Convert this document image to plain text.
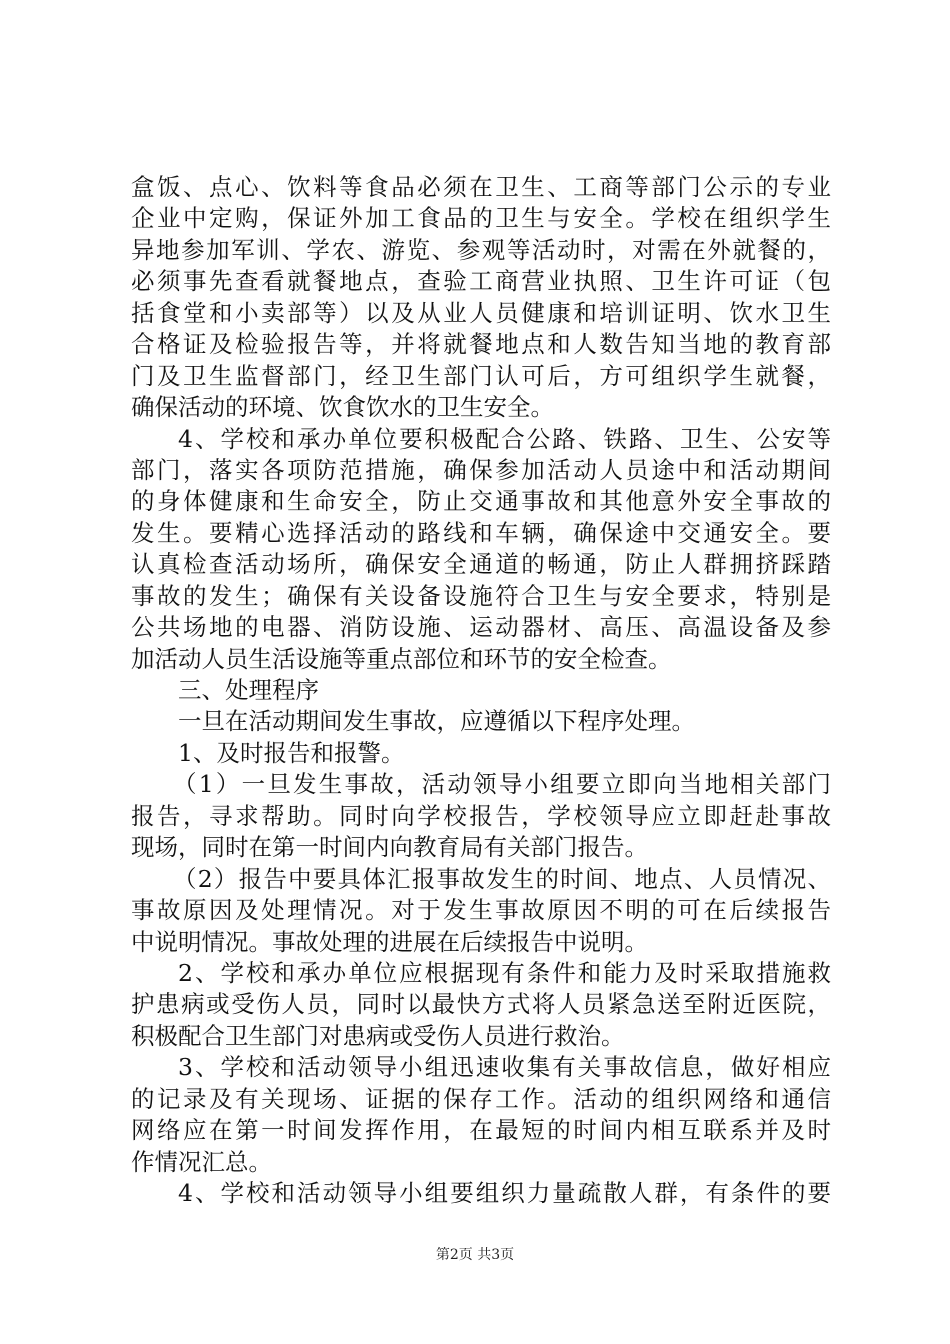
盒饭、点心、饮料等食品必须在卫生、工商等部门公示的专业
企业中定购，保证外加工食品的卫生与安全。学校在组织学生
异地参加军训、学农、游览、参观等活动时，对需在外就餐的，
必须事先查看就餐地点，查验工商营业执照、卫生许可证（包
括食堂和小卖部等）以及从业人员健康和培训证明、饮水卫生
合格证及检验报告等，并将就餐地点和人数告知当地的教育部
门及卫生监督部门，经卫生部门认可后，方可组织学生就餐，
确保活动的环境、饮食饮水的卫生安全。
4、学校和承办单位要积极配合公路、铁路、卫生、公安等
部门，落实各项防范措施，确保参加活动人员途中和活动期间
的身体健康和生命安全，防止交通事故和其他意外安全事故的
发生。要精心选择活动的路线和车辆，确保途中交通安全。要
认真检查活动场所，确保安全通道的畅通，防止人群拥挤踩踏
事故的发生；确保有关设备设施符合卫生与安全要求，特别是
公共场地的电器、消防设施、运动器材、高压、高温设备及参
加活动人员生活设施等重点部位和环节的安全检查。
三、处理程序
一旦在活动期间发生事故，应遵循以下程序处理。
1、及时报告和报警。
（1）一旦发生事故，活动领导小组要立即向当地相关部门
报告，寻求帮助。同时向学校报告，学校领导应立即赶赴事故
现场，同时在第一时间内向教育局有关部门报告。
（2）报告中要具体汇报事故发生的时间、地点、人员情况、
事故原因及处理情况。对于发生事故原因不明的可在后续报告
中说明情况。事故处理的进展在后续报告中说明。
2、学校和承办单位应根据现有条件和能力及时采取措施救
护患病或受伤人员，同时以最快方式将人员紧急送至附近医院，
积极配合卫生部门对患病或受伤人员进行救治。
3、学校和活动领导小组迅速收集有关事故信息，做好相应
的记录及有关现场、证据的保存工作。活动的组织网络和通信
网络应在第一时间发挥作用，在最短的时间内相互联系并及时
作情况汇总。
4、学校和活动领导小组要组织力量疏散人群，有条件的要
第2页 共3页
